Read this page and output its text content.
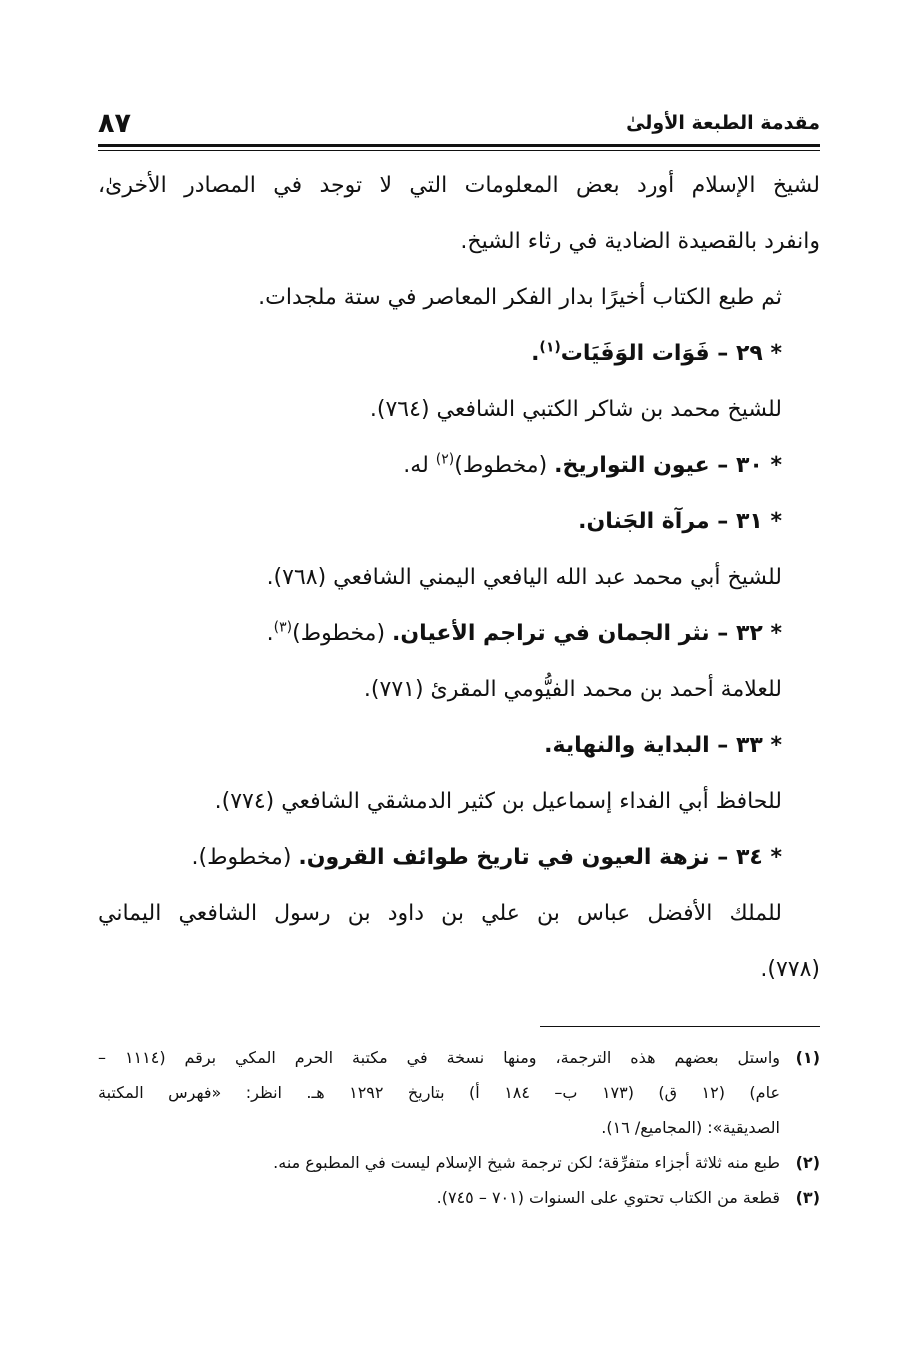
مقدمة الطبعة الأولىٰ
٨٧

لشيخ الإسلام أورد بعض المعلومات التي لا توجد في المصادر الأخرىٰ،

وانفرد بالقصيدة الضادية في رثاء الشيخ.

ثم طبع الكتاب أخيرًا بدار الفكر المعاصر في ستة ملجدات.

* ٢٩ – فَوَات الوَفَيَات$^{(١)}$.

للشيخ محمد بن شاكر الكتبي الشافعي (٧٦٤).

* ٣٠ – عيون التواريخ. (مخطوط)$^{(٢)}$ له.

* ٣١ – مرآة الجَنان.

للشيخ أبي محمد عبد الله اليافعي اليمني الشافعي (٧٦٨).

* ٣٢ – نثر الجمان في تراجم الأعيان. (مخطوط)$^{(٣)}$.

للعلامة أحمد بن محمد الفيُّومي المقرئ (٧٧١).

* ٣٣ – البداية والنهاية.

للحافظ أبي الفداء إسماعيل بن كثير الدمشقي الشافعي (٧٧٤).

* ٣٤ – نزهة العيون في تاريخ طوائف القرون. (مخطوط).

للملك الأفضل عباس بن علي بن داود بن رسول الشافعي اليماني

(٧٧٨).

(١)
واستل بعضهم هذه الترجمة، ومنها نسخة في مكتبة الحرم المكي برقم (١١١٤ –
عام) (١٢ ق) (١٧٣ ب– ١٨٤ أ) بتاريخ ١٢٩٢ هـ. انظر: «فهرس المكتبة
الصديقية»: (المجاميع/ ١٦).
(٢)
طبع منه ثلاثة أجزاء متفرِّقة؛ لكن ترجمة شيخ الإسلام ليست في المطبوع منه.
(٣)
قطعة من الكتاب تحتوي على السنوات (٧٠١ – ٧٤٥).
